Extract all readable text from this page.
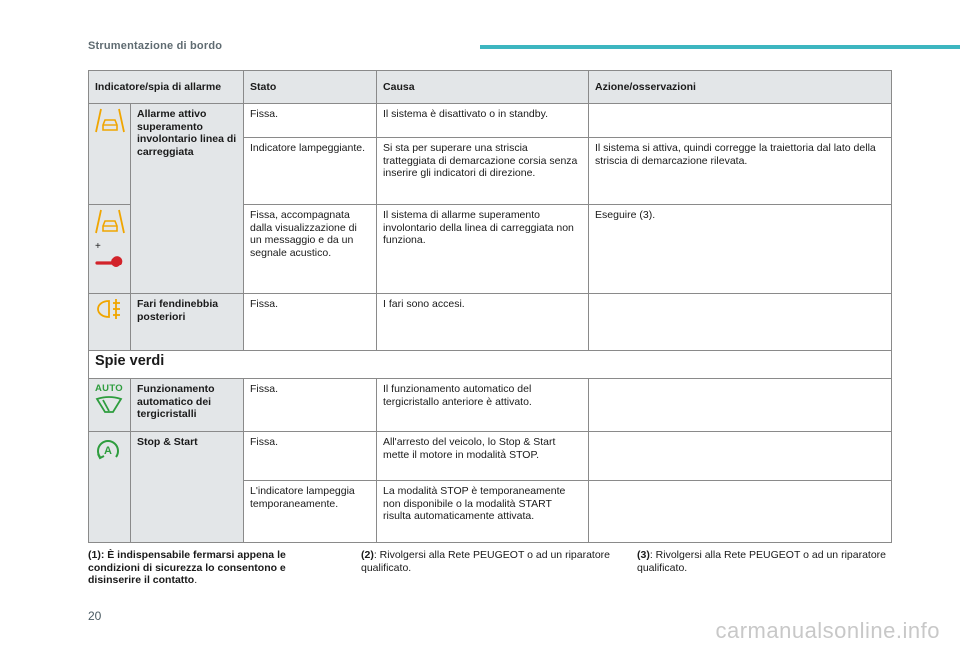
Strumentazione di bordo
Indicatore/spia di allarme		Stato	Causa	Azione/osservazioni
	Allarme attivo superamento involontario linea di carreggiata	Fissa.	Il sistema è disattivato o in standby.	
		Indicatore lampeggiante.	Si sta per superare una striscia tratteggiata di demarcazione corsia senza inserire gli indicatori di direzione.	Il sistema si attiva, quindi corregge la traiettoria dal lato della striscia di demarcazione rilevata.

+		Fissa, accompagnata dalla visualizzazione di un messaggio e da un segnale acustico.	Il sistema di allarme superamento involontario della linea di carreggiata non funziona.	Eseguire (3).
	Fari fendinebbia posteriori	Fissa.	I fari sono accesi.	
Spie verdi				

AUTO	Funzionamento automatico dei tergicristalli	Fissa.	Il funzionamento automatico del tergicristallo anteriore è attivato.	

A	Stop & Start	Fissa.	All'arresto del veicolo, lo Stop & Start mette il motore in modalità STOP.	
		L'indicatore lampeggia temporaneamente.	La modalità STOP è temporaneamente non disponibile o la modalità START risulta automaticamente attivata.	
(1): È indispensabile fermarsi appena le condizioni di sicurezza lo consentono e disinserire il contatto.
(2): Rivolgersi alla Rete PEUGEOT o ad un riparatore qualificato.
(3): Rivolgersi alla Rete PEUGEOT o ad un riparatore qualificato.
20
carmanualsonline.info
